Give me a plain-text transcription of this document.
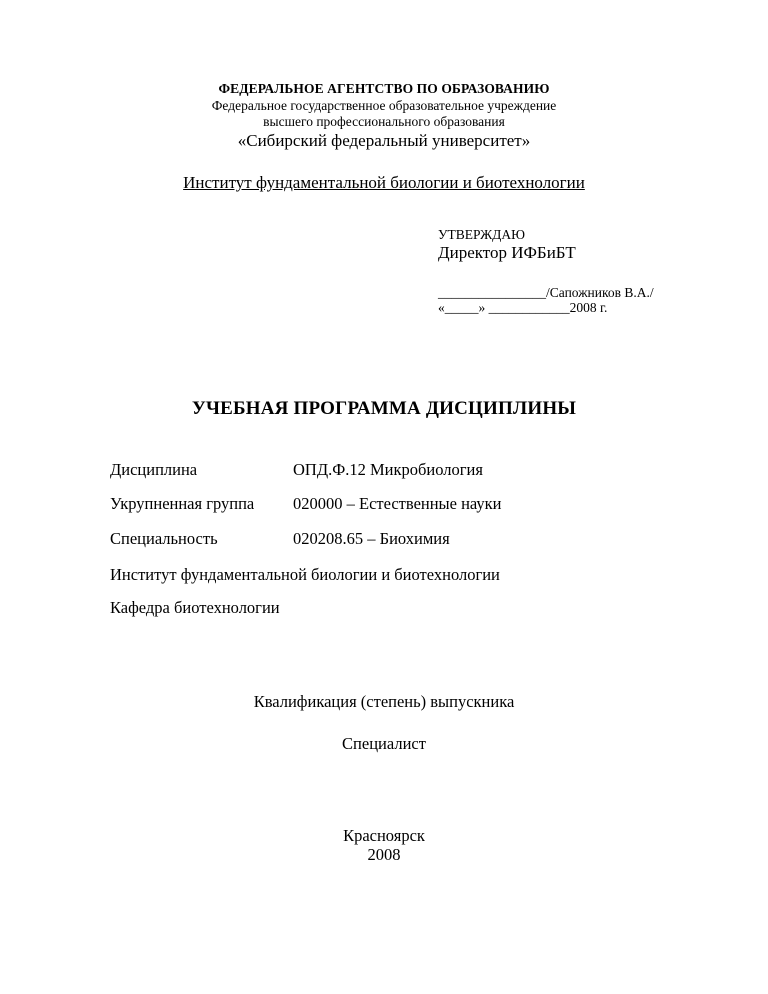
ФЕДЕРАЛЬНОЕ АГЕНТСТВО ПО ОБРАЗОВАНИЮ
Федеральное государственное образовательное учреждение
высшего профессионального образования
«Сибирский федеральный университет»
Институт фундаментальной биологии и биотехнологии
УТВЕРЖДАЮ
Директор ИФБиБТ
________________/Сапожников В.А./
«_____» ____________2008 г.
УЧЕБНАЯ ПРОГРАММА ДИСЦИПЛИНЫ
Дисциплина	ОПД.Ф.12 Микробиология
Укрупненная группа 020000 – Естественные науки
Специальность	020208.65 – Биохимия
Институт фундаментальной биологии и биотехнологии
Кафедра биотехнологии
Квалификация (степень) выпускника
Специалист
Красноярск
2008
